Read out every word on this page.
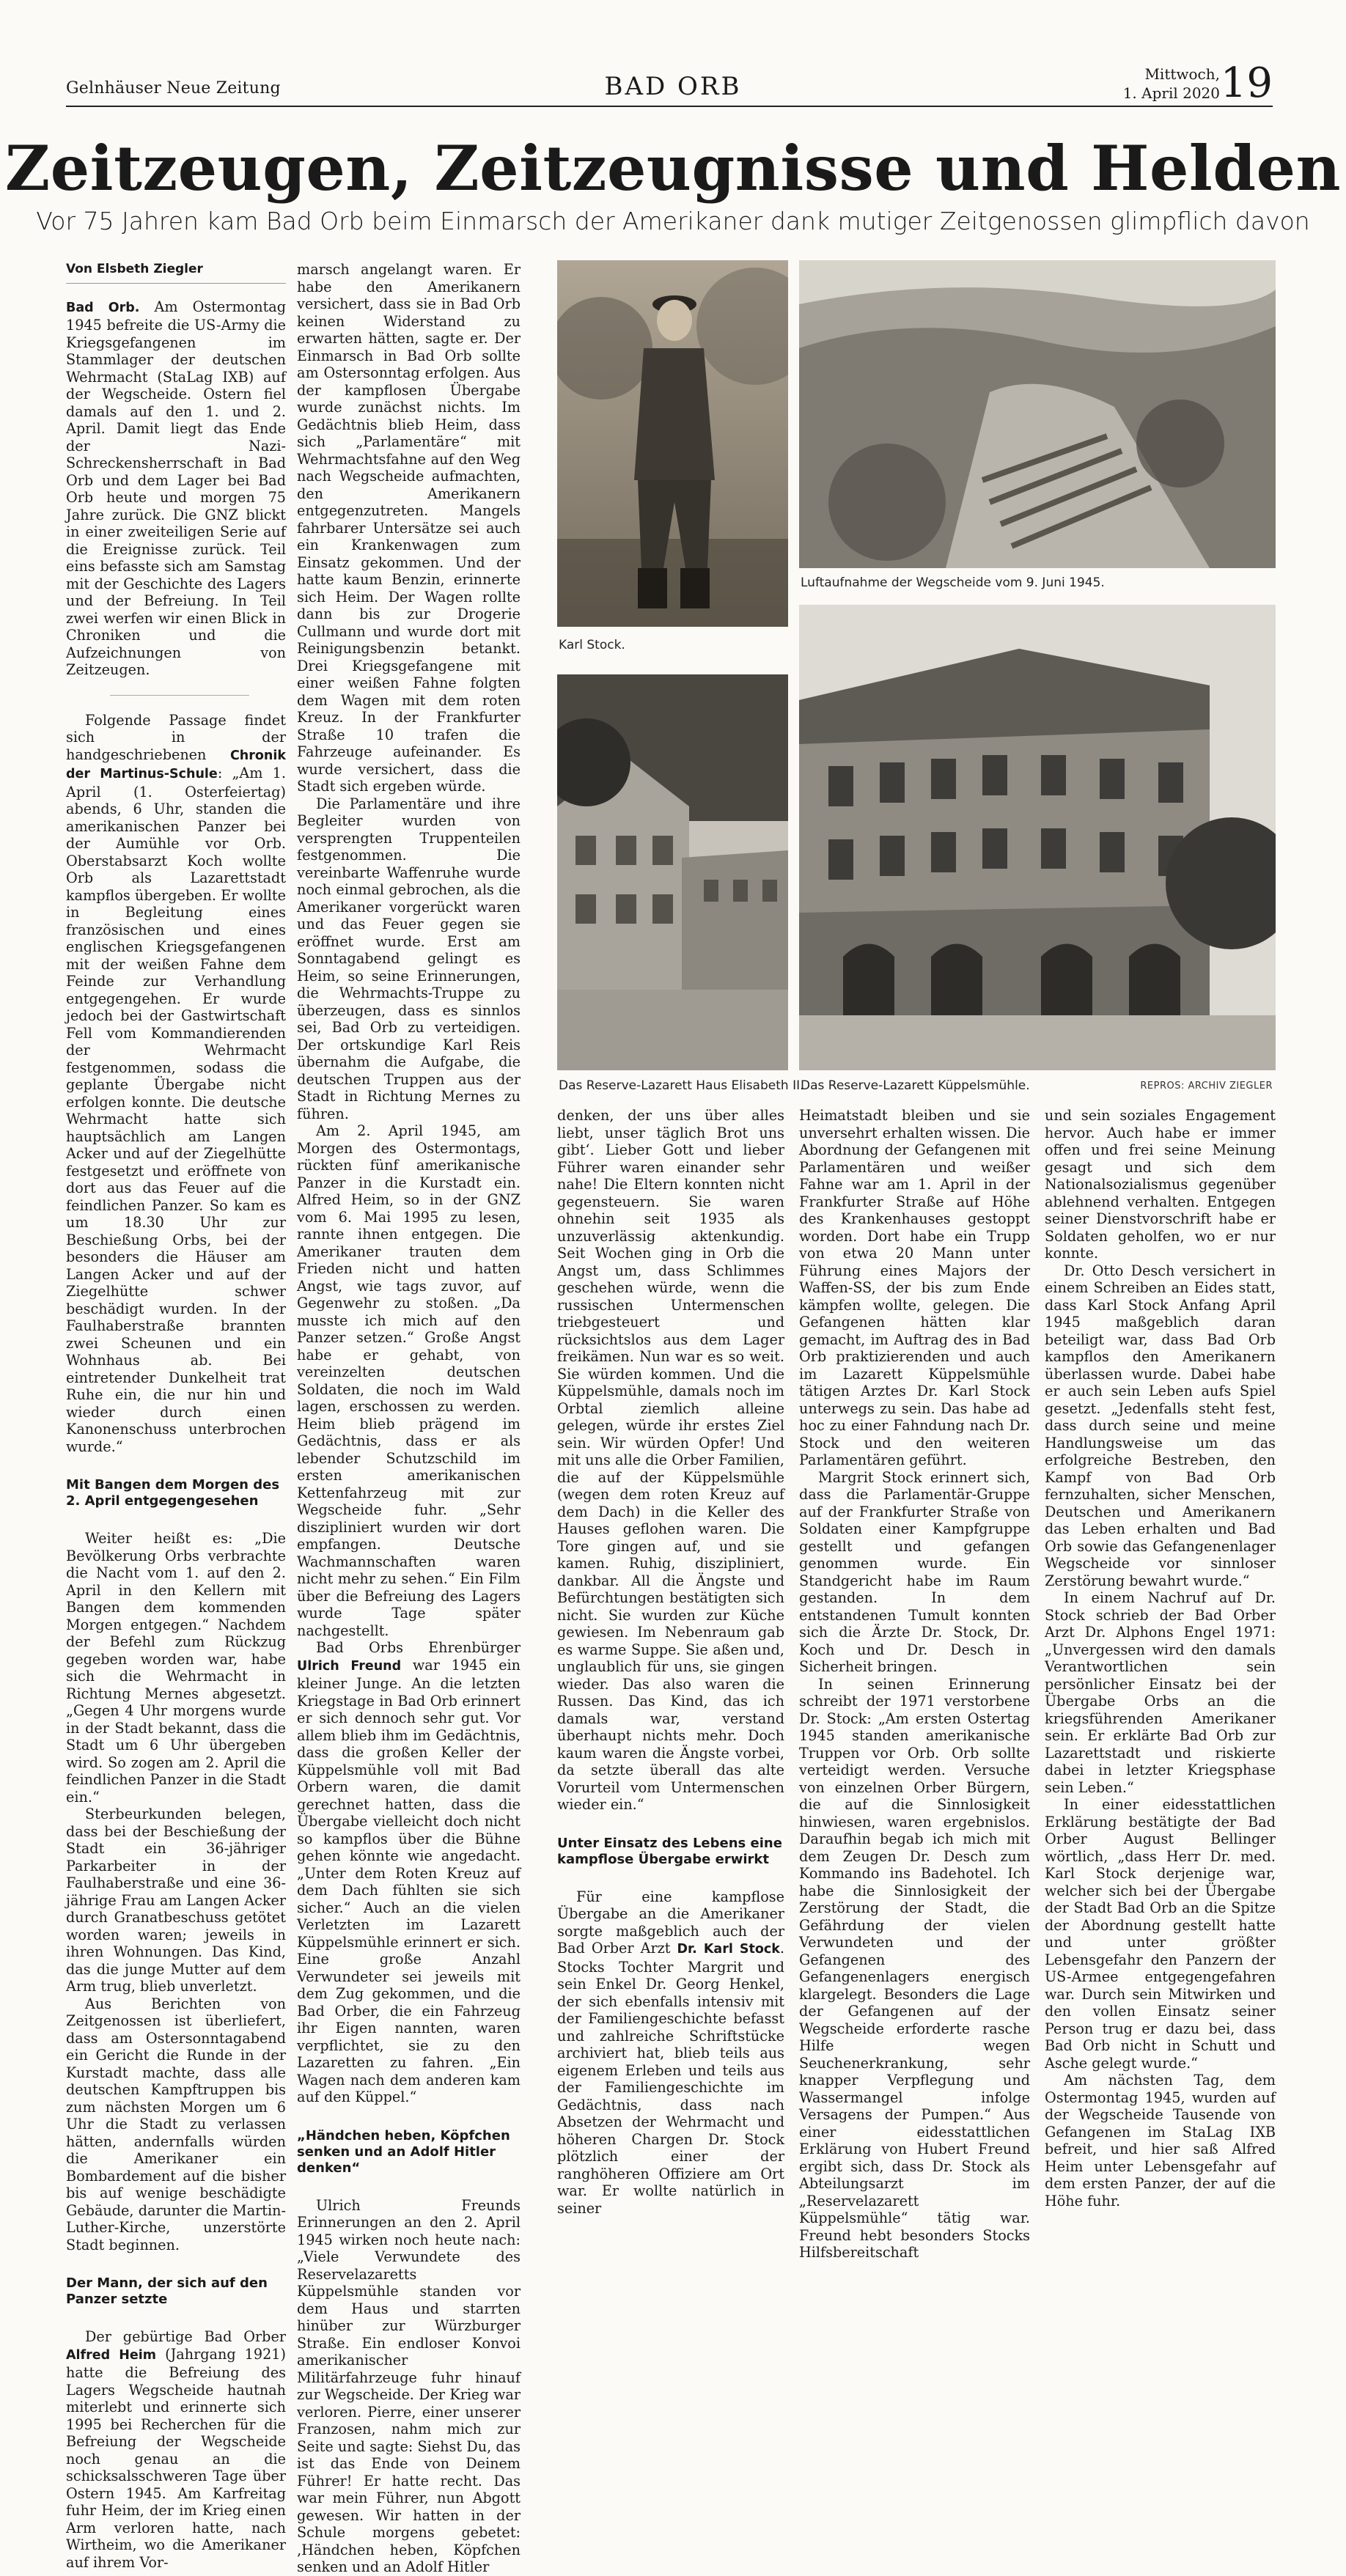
Gelnhäuser Neue Zeitung	BAD ORB	Mittwoch,
1. April 2020 19
Zeitzeugen, Zeitzeugnisse und Helden
Vor 75 Jahren kam Bad Orb beim Einmarsch der Amerikaner dank mutiger Zeitgenossen glimpflich davon
Von Elsbeth Ziegler

Bad Orb. Am Ostermontag 1945 befreite die US-Army die Kriegsgefangenen im Stammlager der deutschen Wehrmacht (StaLag IXB) auf der Wegscheide. Ostern fiel damals auf den 1. und 2. April. Damit liegt das Ende der Nazi-Schreckensherrschaft in Bad Orb und dem Lager bei Bad Orb heute und morgen 75 Jahre zurück. Die GNZ blickt in einer zweiteiligen Serie auf die Ereignisse zurück. Teil eins befasste sich am Samstag mit der Geschichte des Lagers und der Befreiung. In Teil zwei werfen wir einen Blick in Chroniken und die Aufzeichnungen von Zeitzeugen.

Folgende Passage findet sich in der handgeschriebenen Chronik der Martinus-Schule: „Am 1. April (1. Osterfeiertag) abends, 6 Uhr, standen die amerikanischen Panzer bei der Aumühle vor Orb. Oberstabsarzt Koch wollte Orb als Lazarettstadt kampflos übergeben. Er wollte in Begleitung eines französischen und eines englischen Kriegsgefangenen mit der weißen Fahne dem Feinde zur Verhandlung entgegengehen. Er wurde jedoch bei der Gastwirtschaft Fell vom Kommandierenden der Wehrmacht festgenommen, sodass die geplante Übergabe nicht erfolgen konnte. Die deutsche Wehrmacht hatte sich hauptsächlich am Langen Acker und auf der Ziegelhütte festgesetzt und eröffnete von dort aus das Feuer auf die feindlichen Panzer. So kam es um 18.30 Uhr zur Beschießung Orbs, bei der besonders die Häuser am Langen Acker und auf der Ziegelhütte schwer beschädigt wurden. In der Faulhaberstraße brannten zwei Scheunen und ein Wohnhaus ab. Bei eintretender Dunkelheit trat Ruhe ein, die nur hin und wieder durch einen Kanonenschuss unterbrochen wurde.“

Mit Bangen dem Morgen des 2. April entgegengesehen

Weiter heißt es: „Die Bevölkerung Orbs verbrachte die Nacht vom 1. auf den 2. April in den Kellern mit Bangen dem kommenden Morgen entgegen.“ Nachdem der Befehl zum Rückzug gegeben worden war, habe sich die Wehrmacht in Richtung Mernes abgesetzt. „Gegen 4 Uhr morgens wurde in der Stadt bekannt, dass die Stadt um 6 Uhr übergeben wird. So zogen am 2. April die feindlichen Panzer in die Stadt ein.“

Sterbeurkunden belegen, dass bei der Beschießung der Stadt ein 36-jähriger Parkarbeiter in der Faulhaberstraße und eine 36-jährige Frau am Langen Acker durch Granatbeschuss getötet worden waren; jeweils in ihren Wohnungen. Das Kind, das die junge Mutter auf dem Arm trug, blieb unverletzt.

Aus Berichten von Zeitgenossen ist überliefert, dass am Ostersonntagabend ein Gericht die Runde in der Kurstadt machte, dass alle deutschen Kampftruppen bis zum nächsten Morgen um 6 Uhr die Stadt zu verlassen hätten, andernfalls würden die Amerikaner ein Bombardement auf die bisher bis auf wenige beschädigte Gebäude, darunter die Martin-Luther-Kirche, unzerstörte Stadt beginnen.

Der Mann, der sich auf den Panzer setzte

Der gebürtige Bad Orber Alfred Heim (Jahrgang 1921) hatte die Befreiung des Lagers Wegscheide hautnah miterlebt und erinnerte sich 1995 bei Recherchen für die Befreiung der Wegscheide noch genau an die schicksalsschweren Tage über Ostern 1945. Am Karfreitag fuhr Heim, der im Krieg einen Arm verloren hatte, nach Wirtheim, wo die Amerikaner auf ihrem Vor-

marsch angelangt waren. Er habe den Amerikanern versichert, dass sie in Bad Orb keinen Widerstand zu erwarten hätten, sagte er. Der Einmarsch in Bad Orb sollte am Ostersonntag erfolgen. Aus der kampflosen Übergabe wurde zunächst nichts. Im Gedächtnis blieb Heim, dass sich „Parlamentäre“ mit Wehrmachtsfahne auf den Weg nach Wegscheide aufmachten, den Amerikanern entgegenzutreten. Mangels fahrbarer Untersätze sei auch ein Krankenwagen zum Einsatz gekommen. Und der hatte kaum Benzin, erinnerte sich Heim. Der Wagen rollte dann bis zur Drogerie Cullmann und wurde dort mit Reinigungsbenzin betankt. Drei Kriegsgefangene mit einer weißen Fahne folgten dem Wagen mit dem roten Kreuz. In der Frankfurter Straße 10 trafen die Fahrzeuge aufeinander. Es wurde versichert, dass die Stadt sich ergeben würde.

Die Parlamentäre und ihre Begleiter wurden von versprengten Truppenteilen festgenommen. Die vereinbarte Waffenruhe wurde noch einmal gebrochen, als die Amerikaner vorgerückt waren und das Feuer gegen sie eröffnet wurde. Erst am Sonntagabend gelingt es Heim, so seine Erinnerungen, die Wehrmachts-Truppe zu überzeugen, dass es sinnlos sei, Bad Orb zu verteidigen. Der ortskundige Karl Reis übernahm die Aufgabe, die deutschen Truppen aus der Stadt in Richtung Mernes zu führen.

Am 2. April 1945, am Morgen des Ostermontags, rückten fünf amerikanische Panzer in die Kurstadt ein. Alfred Heim, so in der GNZ vom 6. Mai 1995 zu lesen, rannte ihnen entgegen. Die Amerikaner trauten dem Frieden nicht und hatten Angst, wie tags zuvor, auf Gegenwehr zu stoßen. „Da musste ich mich auf den Panzer setzen.“ Große Angst habe er gehabt, von vereinzelten deutschen Soldaten, die noch im Wald lagen, erschossen zu werden. Heim blieb prägend im Gedächtnis, dass er als lebender Schutzschild im ersten amerikanischen Kettenfahrzeug mit zur Wegscheide fuhr. „Sehr diszipliniert wurden wir dort empfangen. Deutsche Wachmannschaften waren nicht mehr zu sehen.“ Ein Film über die Befreiung des Lagers wurde Tage später nachgestellt.

Bad Orbs Ehrenbürger Ulrich Freund war 1945 ein kleiner Junge. An die letzten Kriegstage in Bad Orb erinnert er sich dennoch sehr gut. Vor allem blieb ihm im Gedächtnis, dass die großen Keller der Küppelsmühle voll mit Bad Orbern waren, die damit gerechnet hatten, dass die Übergabe vielleicht doch nicht so kampflos über die Bühne gehen könnte wie angedacht. „Unter dem Roten Kreuz auf dem Dach fühlten sie sich sicher.“ Auch an die vielen Verletzten im Lazarett Küppelsmühle erinnert er sich. Eine große Anzahl Verwundeter sei jeweils mit dem Zug gekommen, und die Bad Orber, die ein Fahrzeug ihr Eigen nannten, waren verpflichtet, sie zu den Lazaretten zu fahren. „Ein Wagen nach dem anderen kam auf den Küppel.“

„Händchen heben, Köpfchen senken und an Adolf Hitler denken“

Ulrich Freunds Erinnerungen an den 2. April 1945 wirken noch heute nach: „Viele Verwundete des Reservelazaretts Küppelsmühle standen vor dem Haus und starrten hinüber zur Würzburger Straße. Ein endloser Konvoi amerikanischer Militärfahrzeuge fuhr hinauf zur Wegscheide. Der Krieg war verloren. Pierre, einer unserer Franzosen, nahm mich zur Seite und sagte: Siehst Du, das ist das Ende von Deinem Führer! Er hatte recht. Das war mein Führer, nun Abgott gewesen. Wir hatten in der Schule morgens gebetet: ‚Händchen heben, Köpfchen senken und an Adolf Hitler

Karl Stock.
Luftaufnahme der Wegscheide vom 9. Juni 1945.
Das Reserve-Lazarett Haus Elisabeth II.
Das Reserve-Lazarett Küppelsmühle.	REPROS: ARCHIV ZIEGLER

denken, der uns über alles liebt, unser täglich Brot uns gibt‘. Lieber Gott und lieber Führer waren einander sehr nahe! Die Eltern konnten nicht gegensteuern. Sie waren ohnehin seit 1935 als unzuverlässig aktenkundig. Seit Wochen ging in Orb die Angst um, dass Schlimmes geschehen würde, wenn die russischen Untermenschen triebgesteuert und rücksichtslos aus dem Lager freikämen. Nun war es so weit. Sie würden kommen. Und die Küppelsmühle, damals noch im Orbtal ziemlich alleine gelegen, würde ihr erstes Ziel sein. Wir würden Opfer! Und mit uns alle die Orber Familien, die auf der Küppelsmühle (wegen dem roten Kreuz auf dem Dach) in die Keller des Hauses geflohen waren. Die Tore gingen auf, und sie kamen. Ruhig, diszipliniert, dankbar. All die Ängste und Befürchtungen bestätigten sich nicht. Sie wurden zur Küche gewiesen. Im Nebenraum gab es warme Suppe. Sie aßen und, unglaublich für uns, sie gingen wieder. Das also waren die Russen. Das Kind, das ich damals war, verstand überhaupt nichts mehr. Doch kaum waren die Ängste vorbei, da setzte überall das alte Vorurteil vom Untermenschen wieder ein.“

Unter Einsatz des Lebens eine kampflose Übergabe erwirkt

Für eine kampflose Übergabe an die Amerikaner sorgte maßgeblich auch der Bad Orber Arzt Dr. Karl Stock. Stocks Tochter Margrit und sein Enkel Dr. Georg Henkel, der sich ebenfalls intensiv mit der Familiengeschichte befasst und zahlreiche Schriftstücke archiviert hat, blieb teils aus eigenem Erleben und teils aus der Familiengeschichte im Gedächtnis, dass nach Absetzen der Wehrmacht und höheren Chargen Dr. Stock plötzlich einer der ranghöheren Offiziere am Ort war. Er wollte natürlich in seiner

Heimatstadt bleiben und sie unversehrt erhalten wissen. Die Abordnung der Gefangenen mit Parlamentären und weißer Fahne war am 1. April in der Frankfurter Straße auf Höhe des Krankenhauses gestoppt worden. Dort habe ein Trupp von etwa 20 Mann unter Führung eines Majors der Waffen-SS, der bis zum Ende kämpfen wollte, gelegen. Die Gefangenen hätten klar gemacht, im Auftrag des in Bad Orb praktizierenden und auch im Lazarett Küppelsmühle tätigen Arztes Dr. Karl Stock unterwegs zu sein. Das habe ad hoc zu einer Fahndung nach Dr. Stock und den weiteren Parlamentären geführt.

Margrit Stock erinnert sich, dass die Parlamentär-Gruppe auf der Frankfurter Straße von Soldaten einer Kampfgruppe gestellt und gefangen genommen wurde. Ein Standgericht habe im Raum gestanden. In dem entstandenen Tumult konnten sich die Ärzte Dr. Stock, Dr. Koch und Dr. Desch in Sicherheit bringen.

In seinen Erinnerung schreibt der 1971 verstorbene Dr. Stock: „Am ersten Ostertag 1945 standen amerikanische Truppen vor Orb. Orb sollte verteidigt werden. Versuche von einzelnen Orber Bürgern, die auf die Sinnlosigkeit hinwiesen, waren ergebnislos. Daraufhin begab ich mich mit dem Zeugen Dr. Desch zum Kommando ins Badehotel. Ich habe die Sinnlosigkeit der Zerstörung der Stadt, die Gefährdung der vielen Verwundeten und der Gefangenen des Gefangenenlagers energisch klargelegt. Besonders die Lage der Gefangenen auf der Wegscheide erforderte rasche Hilfe wegen Seuchenerkrankung, sehr knapper Verpflegung und Wassermangel infolge Versagens der Pumpen.“ Aus einer eidesstattlichen Erklärung von Hubert Freund ergibt sich, dass Dr. Stock als Abteilungsarzt im „Reservelazarett Küppelsmühle“ tätig war. Freund hebt besonders Stocks Hilfsbereitschaft

und sein soziales Engagement hervor. Auch habe er immer offen und frei seine Meinung gesagt und sich dem Nationalsozialismus gegenüber ablehnend verhalten. Entgegen seiner Dienstvorschrift habe er Soldaten geholfen, wo er nur konnte.

Dr. Otto Desch versichert in einem Schreiben an Eides statt, dass Karl Stock Anfang April 1945 maßgeblich daran beteiligt war, dass Bad Orb kampflos den Amerikanern überlassen wurde. Dabei habe er auch sein Leben aufs Spiel gesetzt. „Jedenfalls steht fest, dass durch seine und meine Handlungsweise um das erfolgreiche Bestreben, den Kampf von Bad Orb fernzuhalten, sicher Menschen, Deutschen und Amerikanern das Leben erhalten und Bad Orb sowie das Gefangenenlager Wegscheide vor sinnloser Zerstörung bewahrt wurde.“

In einem Nachruf auf Dr. Stock schrieb der Bad Orber Arzt Dr. Alphons Engel 1971: „Unvergessen wird den damals Verantwortlichen sein persönlicher Einsatz bei der Übergabe Orbs an die kriegsführenden Amerikaner sein. Er erklärte Bad Orb zur Lazarettstadt und riskierte dabei in letzter Kriegsphase sein Leben.“

In einer eidesstattlichen Erklärung bestätigte der Bad Orber August Bellinger wörtlich, „dass Herr Dr. med. Karl Stock derjenige war, welcher sich bei der Übergabe der Stadt Bad Orb an die Spitze der Abordnung gestellt hatte und unter größter Lebensgefahr den Panzern der US-Armee entgegengefahren war. Durch sein Mitwirken und den vollen Einsatz seiner Person trug er dazu bei, dass Bad Orb nicht in Schutt und Asche gelegt wurde.“

Am nächsten Tag, dem Ostermontag 1945, wurden auf der Wegscheide Tausende von Gefangenen im StaLag IXB befreit, und hier saß Alfred Heim unter Lebensgefahr auf dem ersten Panzer, der auf die Höhe fuhr.
